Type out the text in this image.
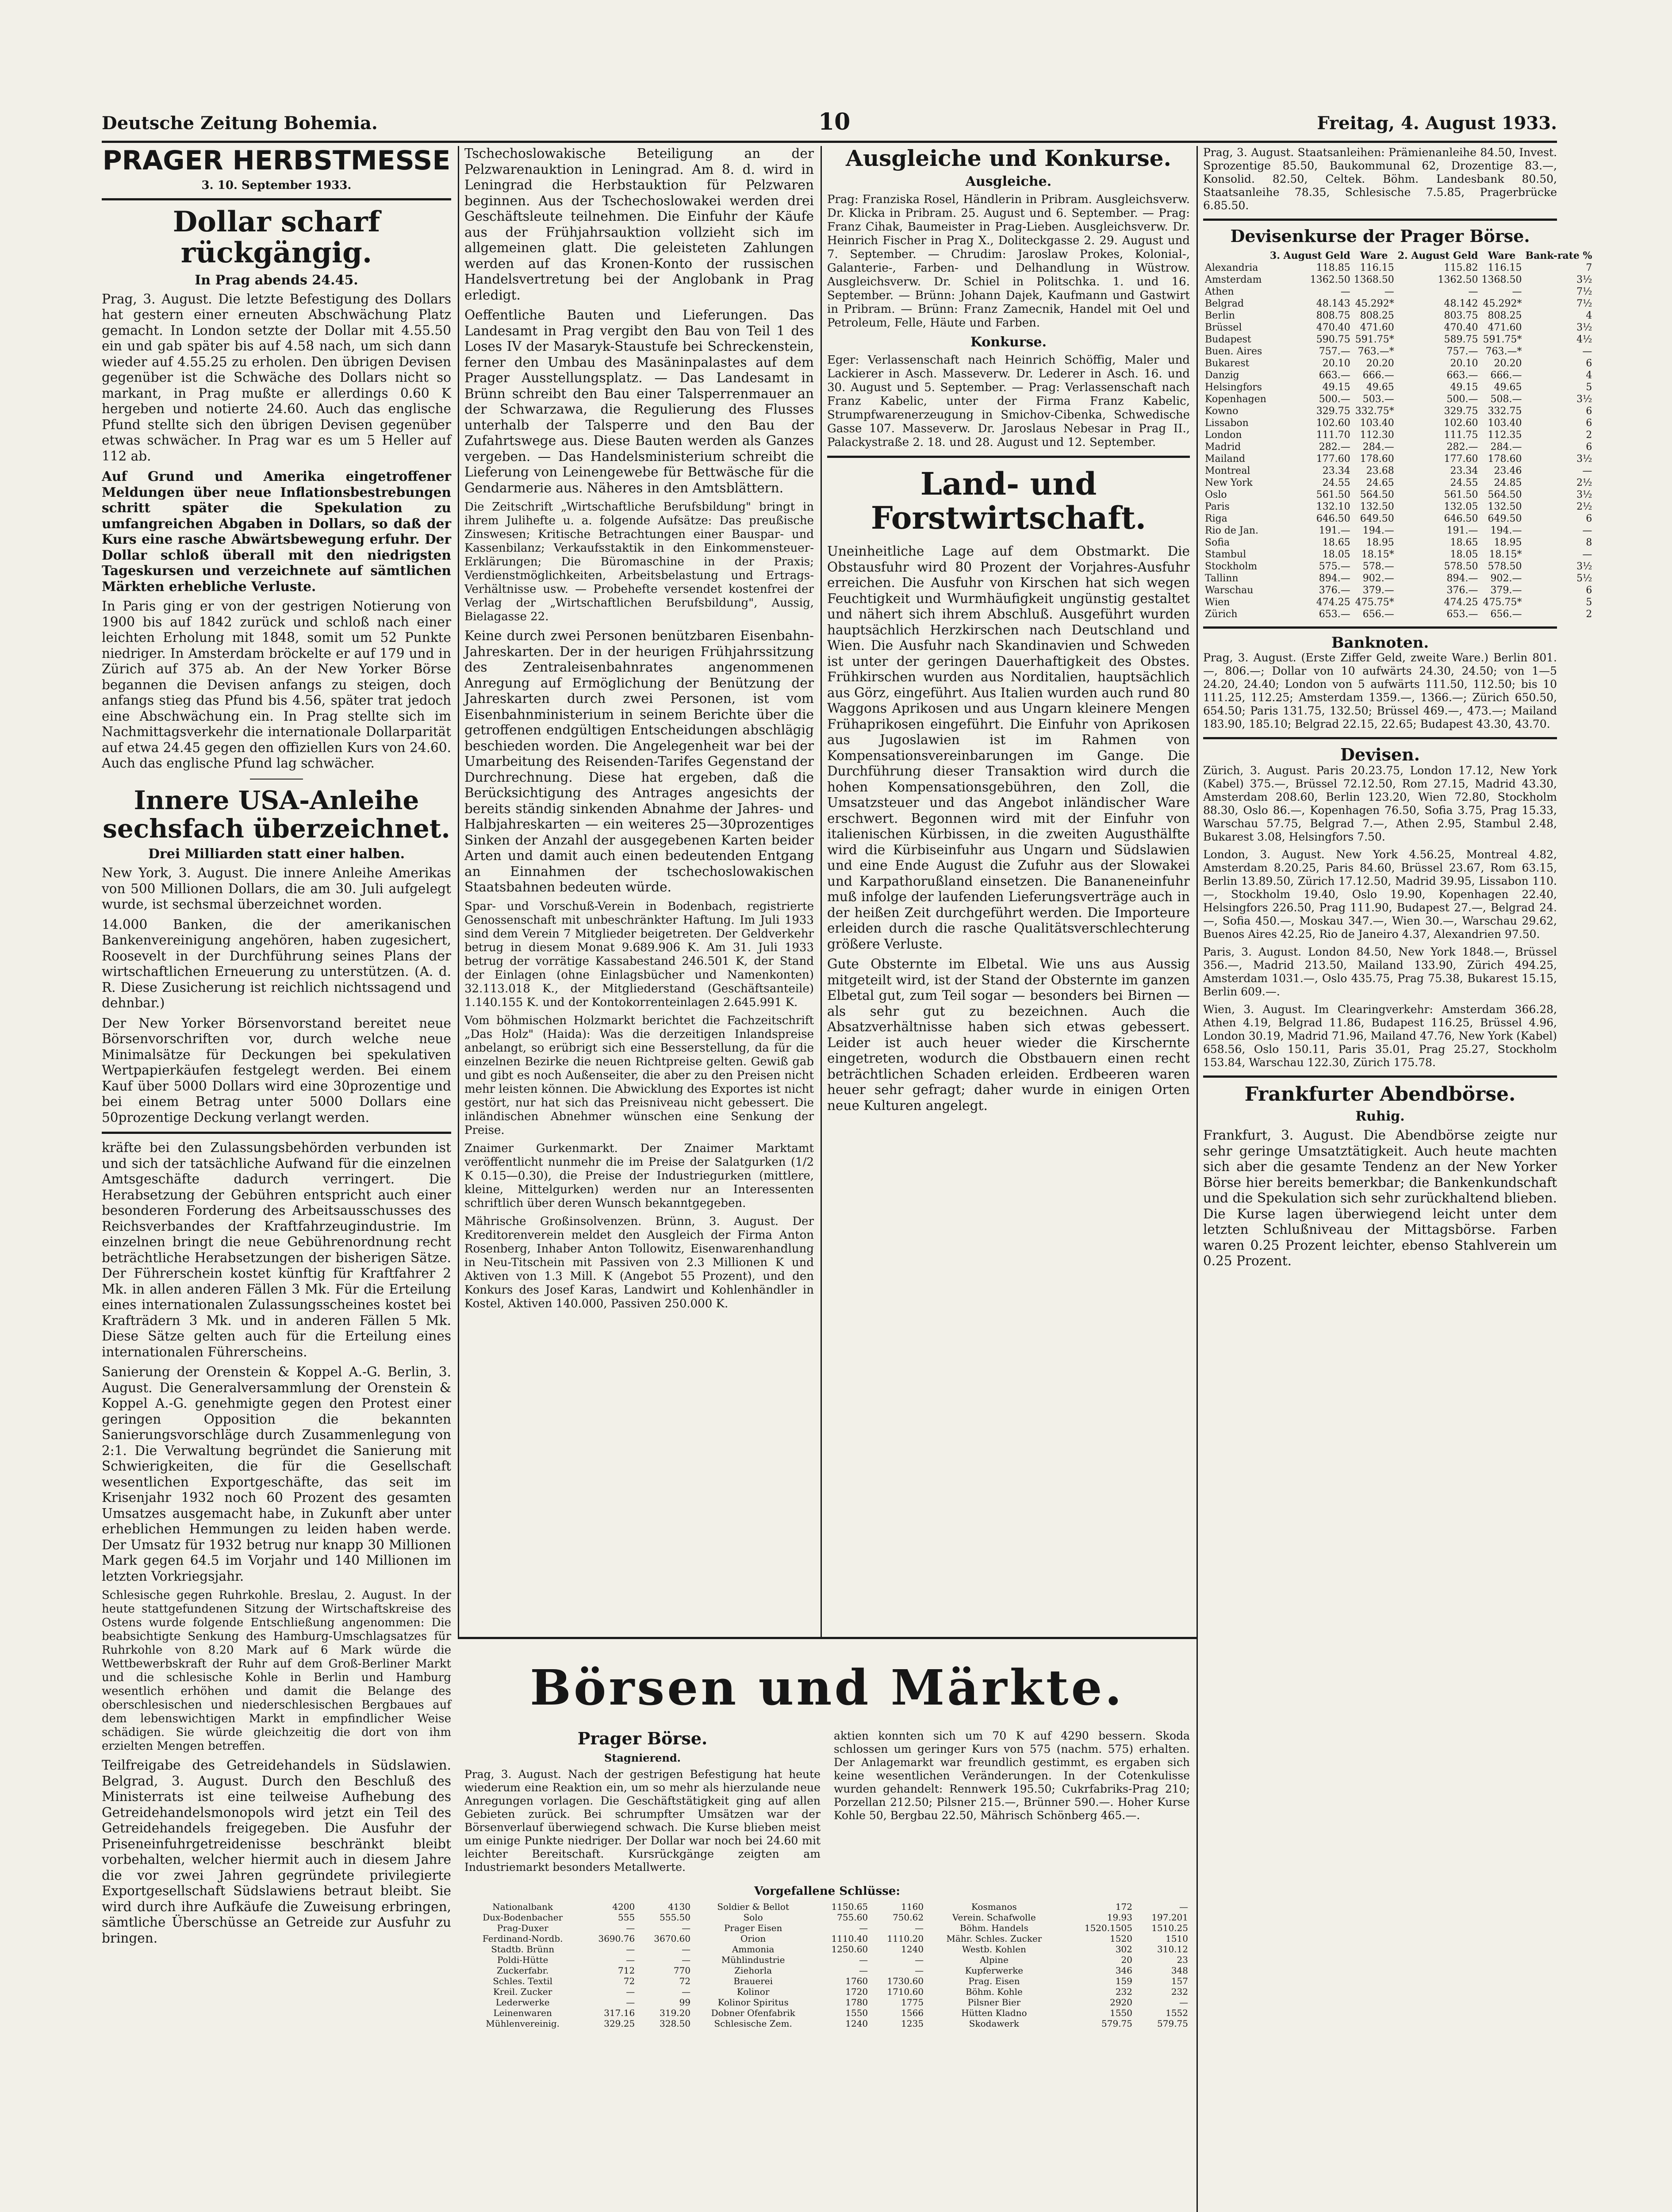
Deutsche Zeitung Bohemia.	10	Freitag, 4. August 1933.
PRAGER HERBSTMESSE
3. 10. September 1933.
Dollar scharf rückgängig.
In Prag abends 24.45.

Prag, 3. August. Die letzte Befestigung des Dollars hat gestern einer erneuten Abschwächung Platz gemacht. In London setzte der Dollar mit 4.55.50 ein und gab später bis auf 4.58 nach, um sich dann wieder auf 4.55.25 zu erholen. Den übrigen Devisen gegenüber ist die Schwäche des Dollars nicht so markant, in Prag mußte er allerdings 0.60 K hergeben und notierte 24.60. Auch das englische Pfund stellte sich den übrigen Devisen gegenüber etwas schwächer. In Prag war es um 5 Heller auf 112 ab.

Auf Grund und Amerika eingetroffener Meldungen über neue Inflationsbestrebungen schritt später die Spekulation zu umfangreichen Abgaben in Dollars, so daß der Kurs eine rasche Abwärtsbewegung erfuhr. Der Dollar schloß überall mit den niedrigsten Tageskursen und verzeichnete auf sämtlichen Märkten erhebliche Verluste.

In Paris ging er von der gestrigen Notierung von 1900 bis auf 1842 zurück und schloß nach einer leichten Erholung mit 1848, somit um 52 Punkte niedriger. In Amsterdam bröckelte er auf 179 und in Zürich auf 375 ab. An der New Yorker Börse begannen die Devisen anfangs zu steigen, doch anfangs stieg das Pfund bis 4.56, später trat jedoch eine Abschwächung ein. In Prag stellte sich im Nachmittagsverkehr die internationale Dollarparität auf etwa 24.45 gegen den offiziellen Kurs von 24.60. Auch das englische Pfund lag schwächer.

Innere USA-Anleihe sechsfach überzeichnet.
Drei Milliarden statt einer halben.

New York, 3. August. Die innere Anleihe Amerikas von 500 Millionen Dollars, die am 30. Juli aufgelegt wurde, ist sechsmal überzeichnet worden.

14.000 Banken, die der amerikanischen Bankenvereinigung angehören, haben zugesichert, Roosevelt in der Durchführung seines Plans der wirtschaftlichen Erneuerung zu unterstützen. (A. d. R. Diese Zusicherung ist reichlich nichtssagend und dehnbar.)

Der New Yorker Börsenvorstand bereitet neue Börsenvorschriften vor, durch welche neue Minimalsätze für Deckungen bei spekulativen Wertpapierkäufen festgelegt werden. Bei einem Kauf über 5000 Dollars wird eine 30prozentige und bei einem Betrag unter 5000 Dollars eine 50prozentige Deckung verlangt werden.

kräfte bei den Zulassungsbehörden verbunden ist und sich der tatsächliche Aufwand für die einzelnen Amtsgeschäfte dadurch verringert. Die Herabsetzung der Gebühren entspricht auch einer besonderen Forderung des Arbeitsausschusses des Reichsverbandes der Kraftfahrzeugindustrie. Im einzelnen bringt die neue Gebührenordnung recht beträchtliche Herabsetzungen der bisherigen Sätze. Der Führerschein kostet künftig für Kraftfahrer 2 Mk. in allen anderen Fällen 3 Mk. Für die Erteilung eines internationalen Zulassungsscheines kostet bei Krafträdern 3 Mk. und in anderen Fällen 5 Mk. Diese Sätze gelten auch für die Erteilung eines internationalen Führerscheins.

Sanierung der Orenstein & Koppel A.-G. Berlin, 3. August. Die Generalversammlung der Orenstein & Koppel A.-G. genehmigte gegen den Protest einer geringen Opposition die bekannten Sanierungsvorschläge durch Zusammenlegung von 2:1. Die Verwaltung begründet die Sanierung mit Schwierigkeiten, die für die Gesellschaft wesentlichen Exportgeschäfte, das seit im Krisenjahr 1932 noch 60 Prozent des gesamten Umsatzes ausgemacht habe, in Zukunft aber unter erheblichen Hemmungen zu leiden haben werde. Der Umsatz für 1932 betrug nur knapp 30 Millionen Mark gegen 64.5 im Vorjahr und 140 Millionen im letzten Vorkriegsjahr.

Schlesische gegen Ruhrkohle. Breslau, 2. August. In der heute stattgefundenen Sitzung der Wirtschaftskreise des Ostens wurde folgende Entschließung angenommen: Die beabsichtigte Senkung des Hamburg-Umschlagsatzes für Ruhrkohle von 8.20 Mark auf 6 Mark würde die Wettbewerbskraft der Ruhr auf dem Groß-Berliner Markt und die schlesische Kohle in Berlin und Hamburg wesentlich erhöhen und damit die Belange des oberschlesischen und niederschlesischen Bergbaues auf dem lebenswichtigen Markt in empfindlicher Weise schädigen. Sie würde gleichzeitig die dort von ihm erzielten Mengen betreffen.

Teilfreigabe des Getreidehandels in Südslawien. Belgrad, 3. August. Durch den Beschluß des Ministerrats ist eine teilweise Aufhebung des Getreidehandelsmonopols wird jetzt ein Teil des Getreidehandels freigegeben. Die Ausfuhr der Priseneinfuhrgetreidenisse beschränkt bleibt vorbehalten, welcher hiermit auch in diesem Jahre die vor zwei Jahren gegründete privilegierte Exportgesellschaft Südslawiens betraut bleibt. Sie wird durch ihre Aufkäufe die Zuweisung erbringen, sämtliche Überschüsse an Getreide zur Ausfuhr zu bringen.

Tschechoslowakische Beteiligung an der Pelzwarenauktion in Leningrad. Am 8. d. wird in Leningrad die Herbstauktion für Pelzwaren beginnen. Aus der Tschechoslowakei werden drei Geschäftsleute teilnehmen. Die Einfuhr der Käufe aus der Frühjahrsauktion vollzieht sich im allgemeinen glatt. Die geleisteten Zahlungen werden auf das Kronen-Konto der russischen Handelsvertretung bei der Anglobank in Prag erledigt.

Oeffentliche Bauten und Lieferungen. Das Landesamt in Prag vergibt den Bau von Teil 1 des Loses IV der Masaryk-Staustufe bei Schreckenstein, ferner den Umbau des Masäninpalastes auf dem Prager Ausstellungsplatz. — Das Landesamt in Brünn schreibt den Bau einer Talsperrenmauer an der Schwarzawa, die Regulierung des Flusses unterhalb der Talsperre und den Bau der Zufahrtswege aus. Diese Bauten werden als Ganzes vergeben. — Das Handelsministerium schreibt die Lieferung von Leinengewebe für Bettwäsche für die Gendarmerie aus. Näheres in den Amtsblättern.

Die Zeitschrift „Wirtschaftliche Berufsbildung" bringt in ihrem Julihefte u. a. folgende Aufsätze: Das preußische Zinswesen; Kritische Betrachtungen einer Bauspar- und Kassenbilanz; Verkaufsstaktik in den Einkommensteuer-Erklärungen; Die Büromaschine in der Praxis; Verdienstmöglichkeiten, Arbeitsbelastung und Ertrags-Verhältnisse usw. — Probehefte versendet kostenfrei der Verlag der „Wirtschaftlichen Berufsbildung", Aussig, Bielagasse 22.

Keine durch zwei Personen benützbaren Eisenbahn-Jahreskarten. Der in der heurigen Frühjahrssitzung des Zentraleisenbahnrates angenommenen Anregung auf Ermöglichung der Benützung der Jahreskarten durch zwei Personen, ist vom Eisenbahnministerium in seinem Berichte über die getroffenen endgültigen Entscheidungen abschlägig beschieden worden. Die Angelegenheit war bei der Umarbeitung des Reisenden-Tarifes Gegenstand der Durchrechnung. Diese hat ergeben, daß die Berücksichtigung des Antrages angesichts der bereits ständig sinkenden Abnahme der Jahres- und Halbjahreskarten — ein weiteres 25—30prozentiges Sinken der Anzahl der ausgegebenen Karten beider Arten und damit auch einen bedeutenden Entgang an Einnahmen der tschechoslowakischen Staatsbahnen bedeuten würde.

Spar- und Vorschuß-Verein in Bodenbach, registrierte Genossenschaft mit unbeschränkter Haftung. Im Juli 1933 sind dem Verein 7 Mitglieder beigetreten. Der Geldverkehr betrug in diesem Monat 9.689.906 K. Am 31. Juli 1933 betrug der vorrätige Kassabestand 246.501 K, der Stand der Einlagen (ohne Einlagsbücher und Namenkonten) 32.113.018 K., der Mitgliederstand (Geschäftsanteile) 1.140.155 K. und der Kontokorrenteinlagen 2.645.991 K.

Vom böhmischen Holzmarkt berichtet die Fachzeitschrift „Das Holz" (Haida): Was die derzeitigen Inlandspreise anbelangt, so erübrigt sich eine Besserstellung, da für die einzelnen Bezirke die neuen Richtpreise gelten. Gewiß gab und gibt es noch Außenseiter, die aber zu den Preisen nicht mehr leisten können. Die Abwicklung des Exportes ist nicht gestört, nur hat sich das Preisniveau nicht gebessert. Die inländischen Abnehmer wünschen eine Senkung der Preise.

Znaimer Gurkenmarkt. Der Znaimer Marktamt veröffentlicht nunmehr die im Preise der Salatgurken (1/2 K 0.15—0.30), die Preise der Industriegurken (mittlere, kleine, Mittelgurken) werden nur an Interessenten schriftlich über deren Wunsch bekanntgegeben.

Mährische Großinsolvenzen. Brünn, 3. August. Der Kreditorenverein meldet den Ausgleich der Firma Anton Rosenberg, Inhaber Anton Tollowitz, Eisenwarenhandlung in Neu-Titschein mit Passiven von 2.3 Millionen K und Aktiven von 1.3 Mill. K (Angebot 55 Prozent), und den Konkurs des Josef Karas, Landwirt und Kohlenhändler in Kostel, Aktiven 140.000, Passiven 250.000 K.

Ausgleiche und Konkurse.
Ausgleiche.

Prag: Franziska Rosel, Händlerin in Pribram. Ausgleichsverw. Dr. Klicka in Pribram. 25. August und 6. September. — Prag: Franz Cihak, Baumeister in Prag-Lieben. Ausgleichsverw. Dr. Heinrich Fischer in Prag X., Doliteckgasse 2. 29. August und 7. September. — Chrudim: Jaroslaw Prokes, Kolonial-, Galanterie-, Farben- und Delhandlung in Wüstrow. Ausgleichsverw. Dr. Schiel in Politschka. 1. und 16. September. — Brünn: Johann Dajek, Kaufmann und Gastwirt in Pribram. — Brünn: Franz Zamecnik, Handel mit Oel und Petroleum, Felle, Häute und Farben.

Konkurse.

Eger: Verlassenschaft nach Heinrich Schöffig, Maler und Lackierer in Asch. Masseverw. Dr. Lederer in Asch. 16. und 30. August und 5. September. — Prag: Verlassenschaft nach Franz Kabelic, unter der Firma Franz Kabelic, Strumpfwarenerzeugung in Smichov-Cibenka, Schwedische Gasse 107. Masseverw. Dr. Jaroslaus Nebesar in Prag II., Palackystraße 2. 18. und 28. August und 12. September.

Land- und Forstwirtschaft.

Uneinheitliche Lage auf dem Obstmarkt. Die Obstausfuhr wird 80 Prozent der Vorjahres-Ausfuhr erreichen. Die Ausfuhr von Kirschen hat sich wegen Feuchtigkeit und Wurmhäufigkeit ungünstig gestaltet und nähert sich ihrem Abschluß. Ausgeführt wurden hauptsächlich Herzkirschen nach Deutschland und Wien. Die Ausfuhr nach Skandinavien und Schweden ist unter der geringen Dauerhaftigkeit des Obstes. Frühkirschen wurden aus Norditalien, hauptsächlich aus Görz, eingeführt. Aus Italien wurden auch rund 80 Waggons Aprikosen und aus Ungarn kleinere Mengen Frühaprikosen eingeführt. Die Einfuhr von Aprikosen aus Jugoslawien ist im Rahmen von Kompensationsvereinbarungen im Gange. Die Durchführung dieser Transaktion wird durch die hohen Kompensationsgebühren, den Zoll, die Umsatzsteuer und das Angebot inländischer Ware erschwert. Begonnen wird mit der Einfuhr von italienischen Kürbissen, in die zweiten Augusthälfte wird die Kürbiseinfuhr aus Ungarn und Südslawien und eine Ende August die Zufuhr aus der Slowakei und Karpathorußland einsetzen. Die Bananeneinfuhr muß infolge der laufenden Lieferungsverträge auch in der heißen Zeit durchgeführt werden. Die Importeure erleiden durch die rasche Qualitätsverschlechterung größere Verluste.

Gute Obsternte im Elbetal. Wie uns aus Aussig mitgeteilt wird, ist der Stand der Obsternte im ganzen Elbetal gut, zum Teil sogar — besonders bei Birnen — als sehr gut zu bezeichnen. Auch die Absatzverhältnisse haben sich etwas gebessert. Leider ist auch heuer wieder die Kirschernte eingetreten, wodurch die Obstbauern einen recht beträchtlichen Schaden erleiden. Erdbeeren waren heuer sehr gefragt; daher wurde in einigen Orten neue Kulturen angelegt.

Prag, 3. August. Staatsanleihen: Prämienanleihe 84.50, Invest. Sprozentige 85.50, Baukommunal 62, Drozentige 83.—, Konsolid. 82.50, Celtek. Böhm. Landesbank 80.50, Staatsanleihe 78.35, Schlesische 7.5.85, Pragerbrücke 6.85.50.

Devisenkurse der Prager Börse.
	3. August Geld	Ware	2. August Geld	Ware	Bank-rate %
Alexandria	118.85	116.15	115.82	116.15	7
Amsterdam	1362.50	1368.50	1362.50	1368.50	3½
Athen	—	—	—	—	7½
Belgrad	48.143	45.292*	48.142	45.292*	7½
Berlin	808.75	808.25	803.75	808.25	4
Brüssel	470.40	471.60	470.40	471.60	3½
Budapest	590.75	591.75*	589.75	591.75*	4½
Buen. Aires	757.—	763.—*	757.—	763.—*	—
Bukarest	20.10	20.20	20.10	20.20	6
Danzig	663.—	666.—	663.—	666.—	4
Helsingfors	49.15	49.65	49.15	49.65	5
Kopenhagen	500.—	503.—	500.—	508.—	3½
Kowno	329.75	332.75*	329.75	332.75	6
Lissabon	102.60	103.40	102.60	103.40	6
London	111.70	112.30	111.75	112.35	2
Madrid	282.—	284.—	282.—	284.—	6
Mailand	177.60	178.60	177.60	178.60	3½
Montreal	23.34	23.68	23.34	23.46	—
New York	24.55	24.65	24.55	24.85	2½
Oslo	561.50	564.50	561.50	564.50	3½
Paris	132.10	132.50	132.05	132.50	2½
Riga	646.50	649.50	646.50	649.50	6
Rio de Jan.	191.—	194.—	191.—	194.—	—
Sofia	18.65	18.95	18.65	18.95	8
Stambul	18.05	18.15*	18.05	18.15*	—
Stockholm	575.—	578.—	578.50	578.50	3½
Tallinn	894.—	902.—	894.—	902.—	5½
Warschau	376.—	379.—	376.—	379.—	6
Wien	474.25	475.75*	474.25	475.75*	5
Zürich	653.—	656.—	653.—	656.—	2
Banknoten.

Prag, 3. August. (Erste Ziffer Geld, zweite Ware.) Berlin 801.—, 806.—; Dollar von 10 aufwärts 24.30, 24.50; von 1—5 24.20, 24.40; London von 5 aufwärts 111.50, 112.50; bis 10 111.25, 112.25; Amsterdam 1359.—, 1366.—; Zürich 650.50, 654.50; Paris 131.75, 132.50; Brüssel 469.—, 473.—; Mailand 183.90, 185.10; Belgrad 22.15, 22.65; Budapest 43.30, 43.70.

Devisen.

Zürich, 3. August. Paris 20.23.75, London 17.12, New York (Kabel) 375.—, Brüssel 72.12.50, Rom 27.15, Madrid 43.30, Amsterdam 208.60, Berlin 123.20, Wien 72.80, Stockholm 88.30, Oslo 86.—, Kopenhagen 76.50, Sofia 3.75, Prag 15.33, Warschau 57.75, Belgrad 7.—, Athen 2.95, Stambul 2.48, Bukarest 3.08, Helsingfors 7.50.

London, 3. August. New York 4.56.25, Montreal 4.82, Amsterdam 8.20.25, Paris 84.60, Brüssel 23.67, Rom 63.15, Berlin 13.89.50, Zürich 17.12.50, Madrid 39.95, Lissabon 110.—, Stockholm 19.40, Oslo 19.90, Kopenhagen 22.40, Helsingfors 226.50, Prag 111.90, Budapest 27.—, Belgrad 24.—, Sofia 450.—, Moskau 347.—, Wien 30.—, Warschau 29.62, Buenos Aires 42.25, Rio de Janeiro 4.37, Alexandrien 97.50.

Paris, 3. August. London 84.50, New York 1848.—, Brüssel 356.—, Madrid 213.50, Mailand 133.90, Zürich 494.25, Amsterdam 1031.—, Oslo 435.75, Prag 75.38, Bukarest 15.15, Berlin 609.—.

Wien, 3. August. Im Clearingverkehr: Amsterdam 366.28, Athen 4.19, Belgrad 11.86, Budapest 116.25, Brüssel 4.96, London 30.19, Madrid 71.96, Mailand 47.76, New York (Kabel) 658.56, Oslo 150.11, Paris 35.01, Prag 25.27, Stockholm 153.84, Warschau 122.30, Zürich 175.78.

Frankfurter Abendbörse.
Ruhig.

Frankfurt, 3. August. Die Abendbörse zeigte nur sehr geringe Umsatztätigkeit. Auch heute machten sich aber die gesamte Tendenz an der New Yorker Börse hier bereits bemerkbar; die Bankenkundschaft und die Spekulation sich sehr zurückhaltend blieben. Die Kurse lagen überwiegend leicht unter dem letzten Schlußniveau der Mittagsbörse. Farben waren 0.25 Prozent leichter, ebenso Stahlverein um 0.25 Prozent.

Börsen und Märkte.
Prager Börse.
Stagnierend.

Prag, 3. August. Nach der gestrigen Befestigung hat heute wiederum eine Reaktion ein, um so mehr als hierzulande neue Anregungen vorlagen. Die Geschäftstätigkeit ging auf allen Gebieten zurück. Bei schrumpfter Umsätzen war der Börsenverlauf überwiegend schwach. Die Kurse blieben meist um einige Punkte niedriger. Der Dollar war noch bei 24.60 mit leichter Bereitschaft. Kursrückgänge zeigten am Industriemarkt besonders Metallwerte.

aktien konnten sich um 70 K auf 4290 bessern. Skoda schlossen um geringer Kurs von 575 (nachm. 575) erhalten. Der Anlagemarkt war freundlich gestimmt, es ergaben sich keine wesentlichen Veränderungen. In der Cotenkulisse wurden gehandelt: Rennwerk 195.50; Cukrfabriks-Prag 210; Porzellan 212.50; Pilsner 215.—, Brünner 590.—. Hoher Kurse Kohle 50, Bergbau 22.50, Mährisch Schönberg 465.—.

Vorgefallene Schlüsse:
Nationalbank	4200	4130	Soldier & Bellot	1150.65	1160	Kosmanos	172	—
Dux-Bodenbacher	555	555.50	Solo	755.60	750.62	Verein. Schafwolle	19.93	197.201
Prag-Duxer	—	—	Prager Eisen	—	—	Böhm. Handels	1520.1505	1510.25
Ferdinand-Nordb.	3690.76	3670.60	Orion	1110.40	1110.20	Mähr. Schles. Zucker	1520	1510
Stadtb. Brünn	—	—	Ammonia	1250.60	1240	Westb. Kohlen	302	310.12
Poldi-Hütte	—	—	Mühlindustrie	—	—	Alpine	20	23
Zuckerfabr.	712	770	Ziehorla	—	—	Kupferwerke	346	348
Schles. Textil	72	72	Brauerei	1760	1730.60	Prag. Eisen	159	157
Kreil. Zucker	—	—	Kolinor	1720	1710.60	Böhm. Kohle	232	232
Lederwerke	—	99	Kolinor Spiritus	1780	1775	Pilsner Bier	2920	—
Leinenwaren	317.16	319.20	Dobner Ofenfabrik	1550	1566	Hütten Kladno	1550	1552
Mühlenvereinig.	329.25	328.50	Schlesische Zem.	1240	1235	Skodawerk	579.75	579.75
